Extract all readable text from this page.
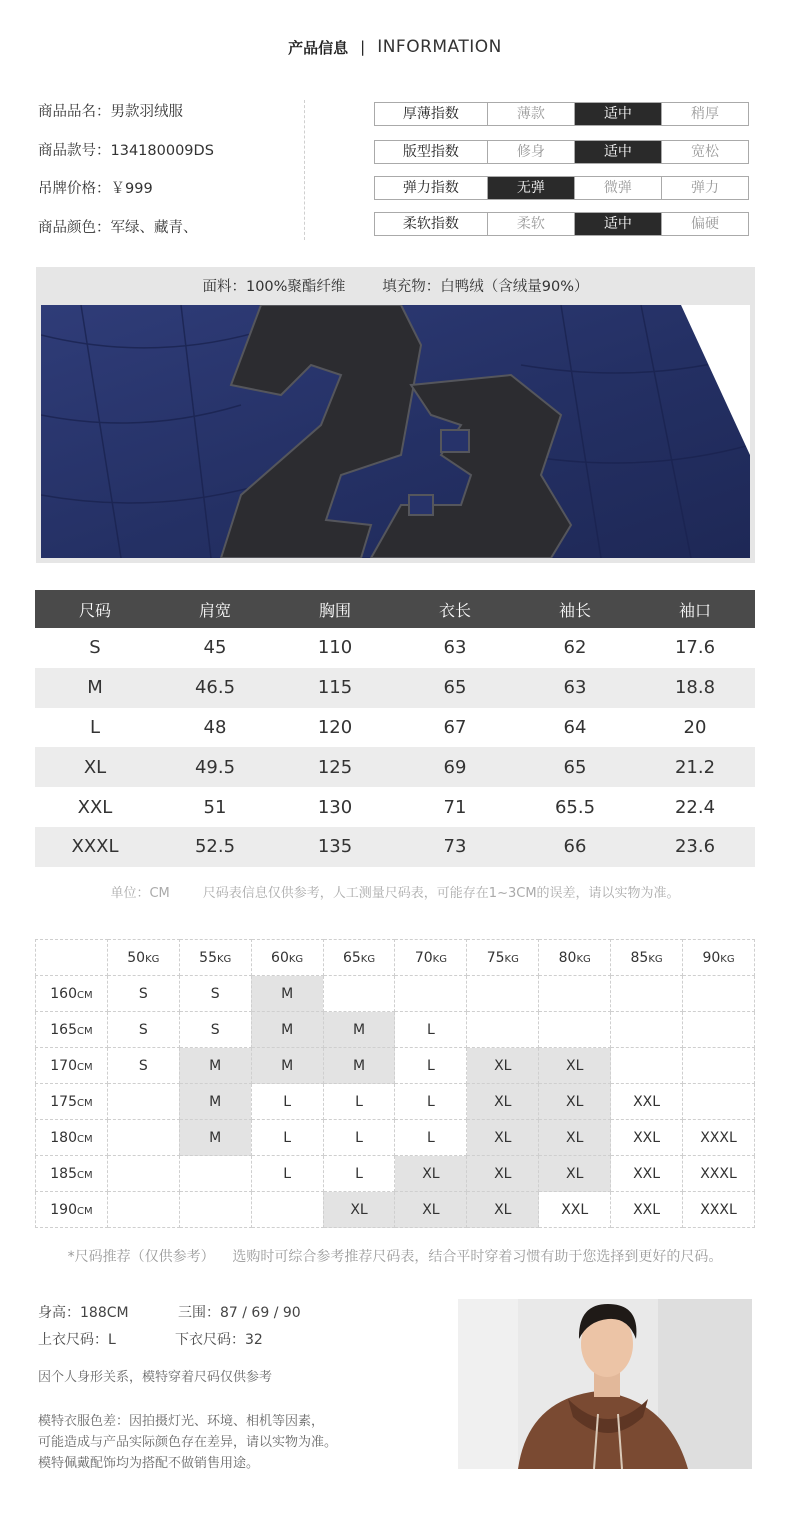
产品信息 | INFORMATION
商品品名：男款羽绒服
商品款号：134180009DS
吊牌价格：￥999
商品颜色：军绿、藏青、
厚薄指数	薄款	适中	稍厚
版型指数	修身	适中	宽松
弹力指数	无弹	微弹	弹力
柔软指数	柔软	适中	偏硬
面料：100%聚酯纤维        填充物：白鸭绒（含绒量90%）
尺码	肩宽	胸围	衣长	袖长	袖口
S	45	110	63	62	17.6
M	46.5	115	65	63	18.8
L	48	120	67	64	20
XL	49.5	125	69	65	21.2
XXL	51	130	71	65.5	22.4
XXXL	52.5	135	73	66	23.6
单位：CM        尺码表信息仅供参考，人工测量尺码表，可能存在1~3CM的误差，请以实物为准。
	50KG	55KG	60KG	65KG	70KG	75KG	80KG	85KG	90KG
160CM	S	S	M						
165CM	S	S	M	M	L				
170CM	S	M	M	M	L	XL	XL		
175CM		M	L	L	L	XL	XL	XXL	
180CM		M	L	L	L	XL	XL	XXL	XXXL
185CM			L	L	XL	XL	XL	XXL	XXXL
190CM				XL	XL	XL	XXL	XXL	XXXL
*尺码推荐（仅供参考）    选购时可综合参考推荐尺码表，结合平时穿着习惯有助于您选择到更好的尺码。
身高：188CM	三围：87 / 69 / 90
上衣尺码：L	下衣尺码：32
因个人身形关系，模特穿着尺码仅供参考
模特衣服色差：因拍摄灯光、环境、相机等因素，
可能造成与产品实际颜色存在差异，请以实物为准。
模特佩戴配饰均为搭配不做销售用途。
